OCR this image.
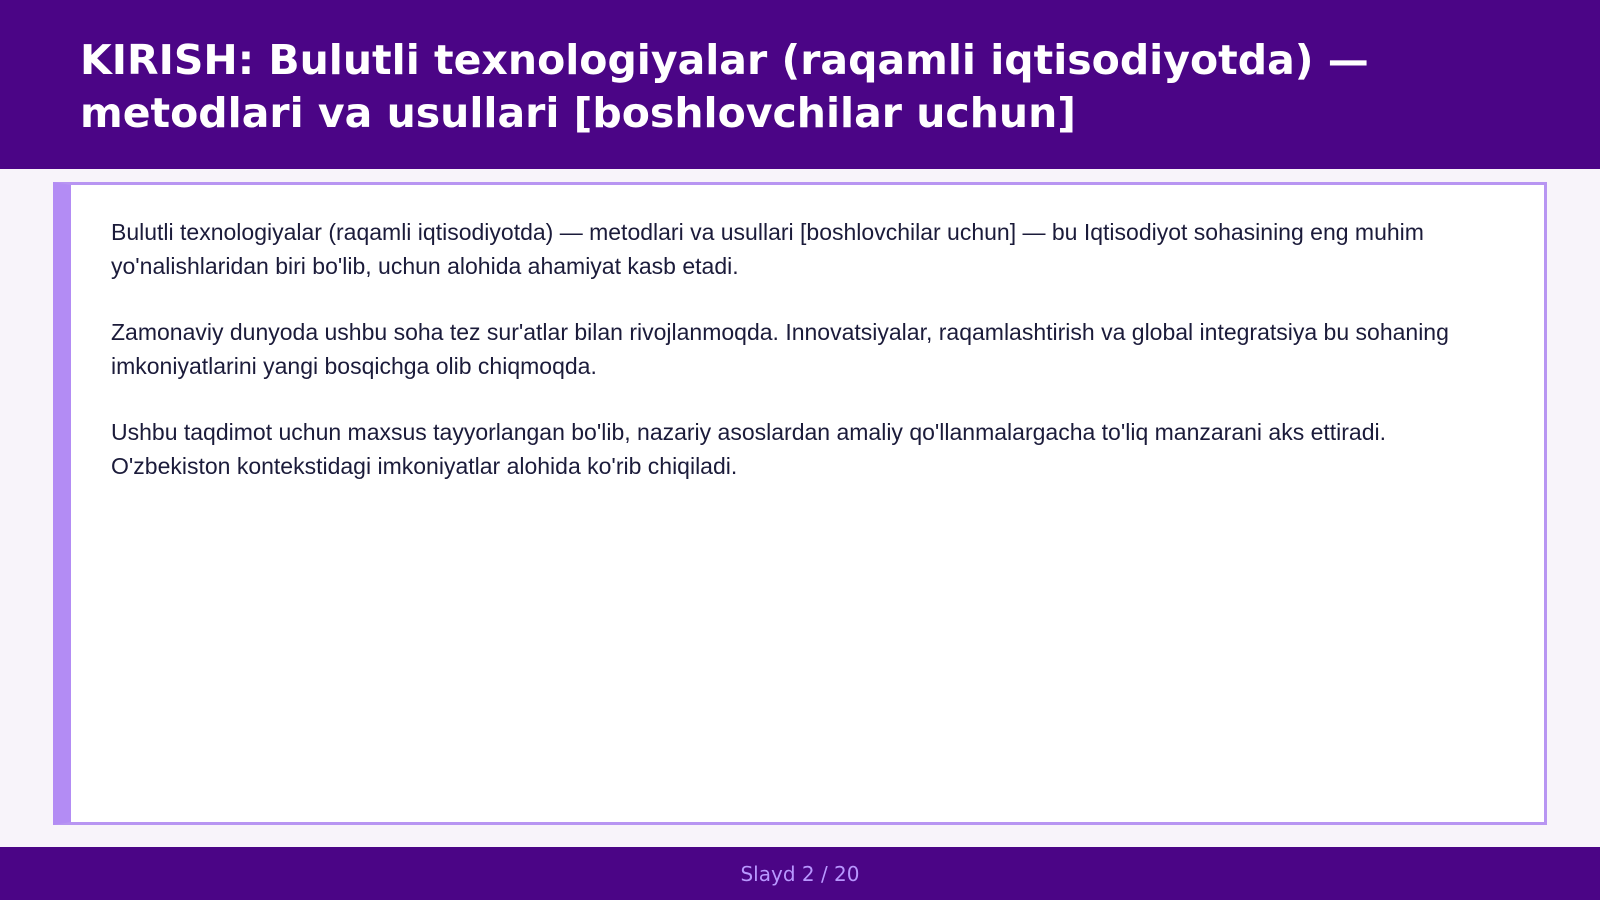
KIRISH: Bulutli texnologiyalar (raqamli iqtisodiyotda) — metodlari va usullari [boshlovchilar uchun]

Bulutli texnologiyalar (raqamli iqtisodiyotda) — metodlari va usullari [boshlovchilar uchun] — bu Iqtisodiyot sohasining eng muhim yo'nalishlaridan biri bo'lib, uchun alohida ahamiyat kasb etadi.

Zamonaviy dunyoda ushbu soha tez sur'atlar bilan rivojlanmoqda. Innovatsiyalar, raqamlashtirish va global integratsiya bu sohaning imkoniyatlarini yangi bosqichga olib chiqmoqda.

Ushbu taqdimot uchun maxsus tayyorlangan bo'lib, nazariy asoslardan amaliy qo'llanmalargacha to'liq manzarani aks ettiradi. O'zbekiston kontekstidagi imkoniyatlar alohida ko'rib chiqiladi.

Slayd 2 / 20
